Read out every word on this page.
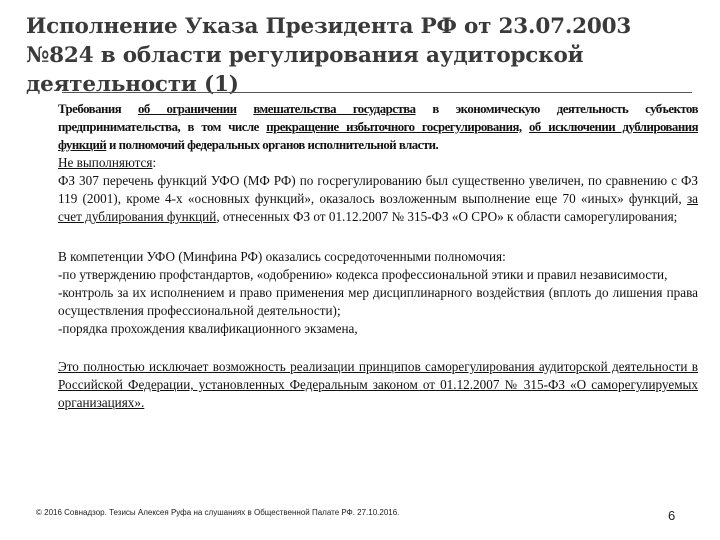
Исполнение Указа Президента РФ от 23.07.2003 №824 в области регулирования аудиторской деятельности (1)

Требования об ограничении вмешательства государства в экономическую деятельность субъектов предпринимательства, в том числе прекращение избыточного госрегулирования, об исключении дублирования функций и полномочий федеральных органов исполнительной власти.

Не выполняются:

ФЗ 307 перечень функций УФО (МФ РФ) по госрегулированию был существенно увеличен, по сравнению с ФЗ 119 (2001), кроме 4-х «основных функций», оказалось возложенным выполнение еще 70 «иных» функций, за счет дублирования функций, отнесенных ФЗ от 01.12.2007 № 315-ФЗ «О СРО» к области саморегулирования;

В компетенции УФО (Минфина РФ) оказались сосредоточенными полномочия:

-по утверждению профстандартов, «одобрению» кодекса профессиональной этики и правил независимости,

-контроль за их исполнением и право применения мер дисциплинарного воздействия (вплоть до лишения права осуществления профессиональной деятельности);

-порядка прохождения квалификационного экзамена,

Это полностью исключает возможность реализации принципов саморегулирования аудиторской деятельности в Российской Федерации, установленных Федеральным законом от 01.12.2007 № 315-ФЗ «О саморегулируемых организациях».

© 2016 Совнадзор. Тезисы Алексея Руфа на слушаниях в Общественной Палате РФ. 27.10.2016.	6
